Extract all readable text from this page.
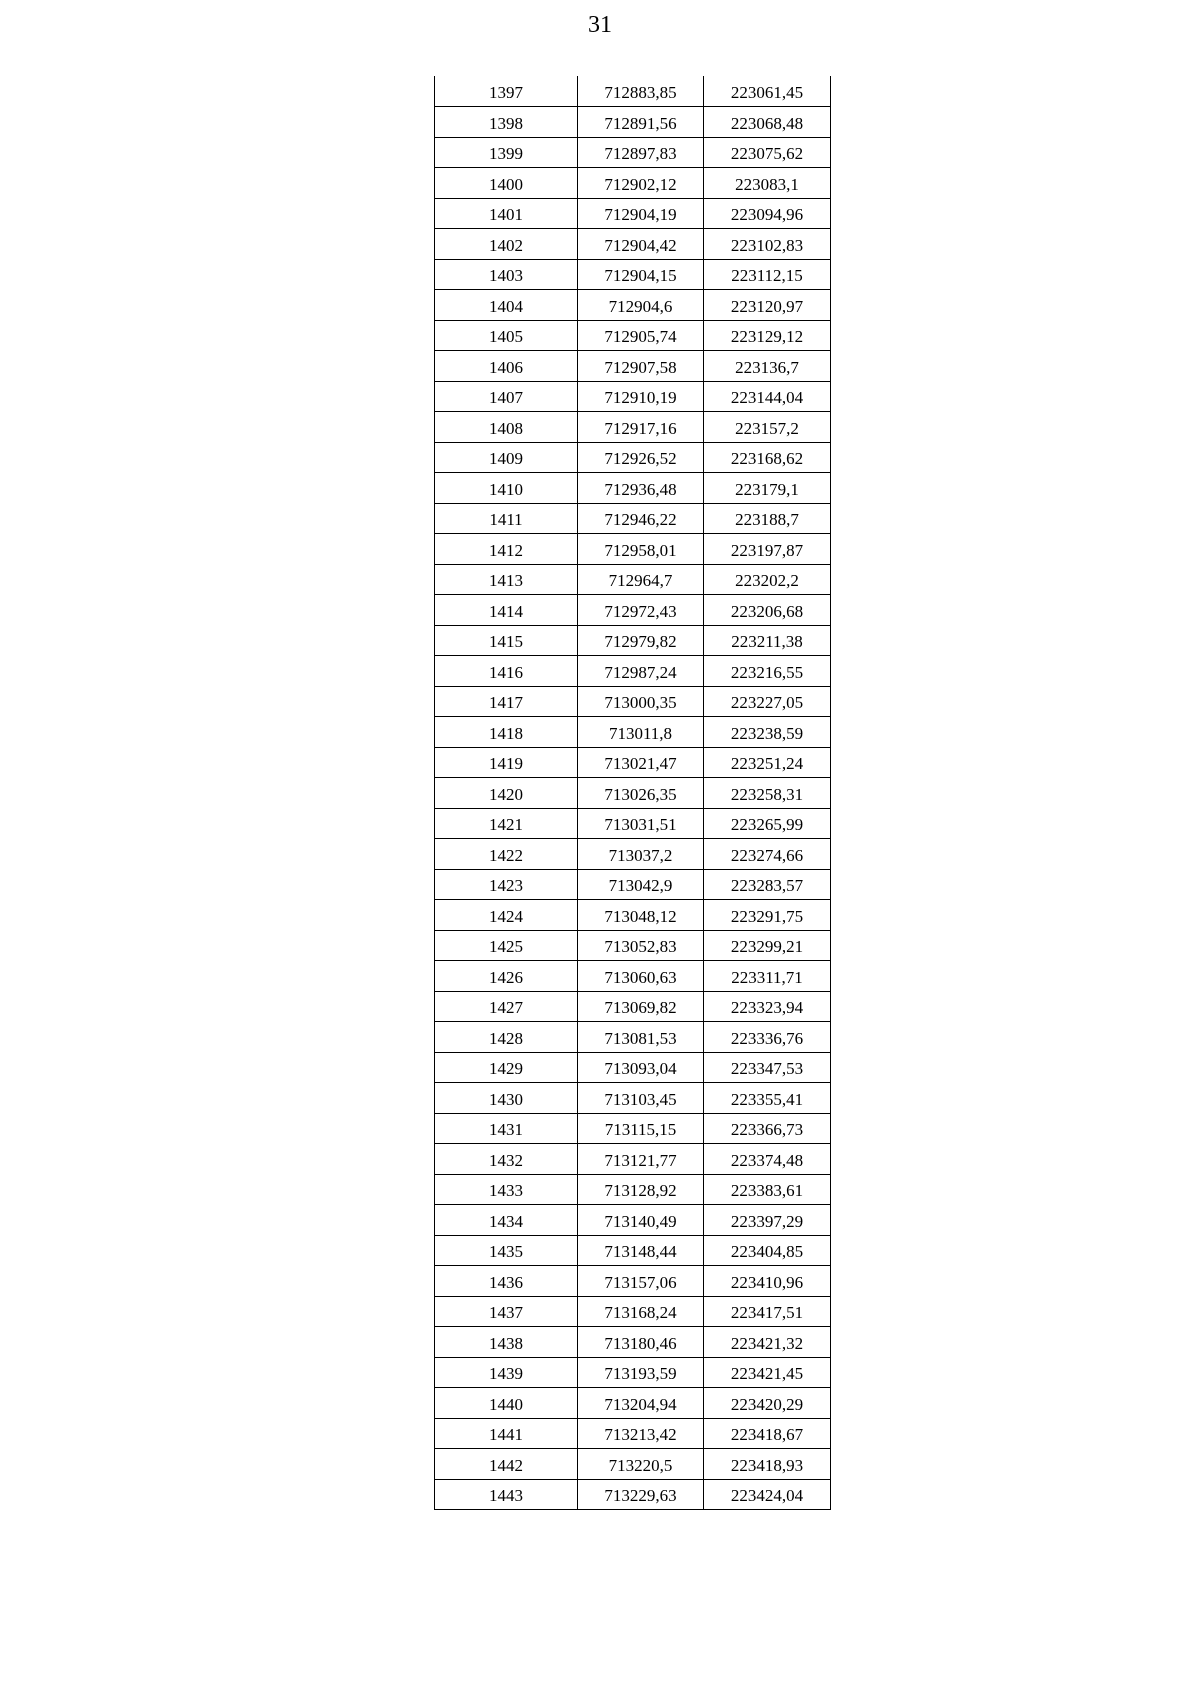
31
1397	712883,85	223061,45
1398	712891,56	223068,48
1399	712897,83	223075,62
1400	712902,12	223083,1
1401	712904,19	223094,96
1402	712904,42	223102,83
1403	712904,15	223112,15
1404	712904,6	223120,97
1405	712905,74	223129,12
1406	712907,58	223136,7
1407	712910,19	223144,04
1408	712917,16	223157,2
1409	712926,52	223168,62
1410	712936,48	223179,1
1411	712946,22	223188,7
1412	712958,01	223197,87
1413	712964,7	223202,2
1414	712972,43	223206,68
1415	712979,82	223211,38
1416	712987,24	223216,55
1417	713000,35	223227,05
1418	713011,8	223238,59
1419	713021,47	223251,24
1420	713026,35	223258,31
1421	713031,51	223265,99
1422	713037,2	223274,66
1423	713042,9	223283,57
1424	713048,12	223291,75
1425	713052,83	223299,21
1426	713060,63	223311,71
1427	713069,82	223323,94
1428	713081,53	223336,76
1429	713093,04	223347,53
1430	713103,45	223355,41
1431	713115,15	223366,73
1432	713121,77	223374,48
1433	713128,92	223383,61
1434	713140,49	223397,29
1435	713148,44	223404,85
1436	713157,06	223410,96
1437	713168,24	223417,51
1438	713180,46	223421,32
1439	713193,59	223421,45
1440	713204,94	223420,29
1441	713213,42	223418,67
1442	713220,5	223418,93
1443	713229,63	223424,04
